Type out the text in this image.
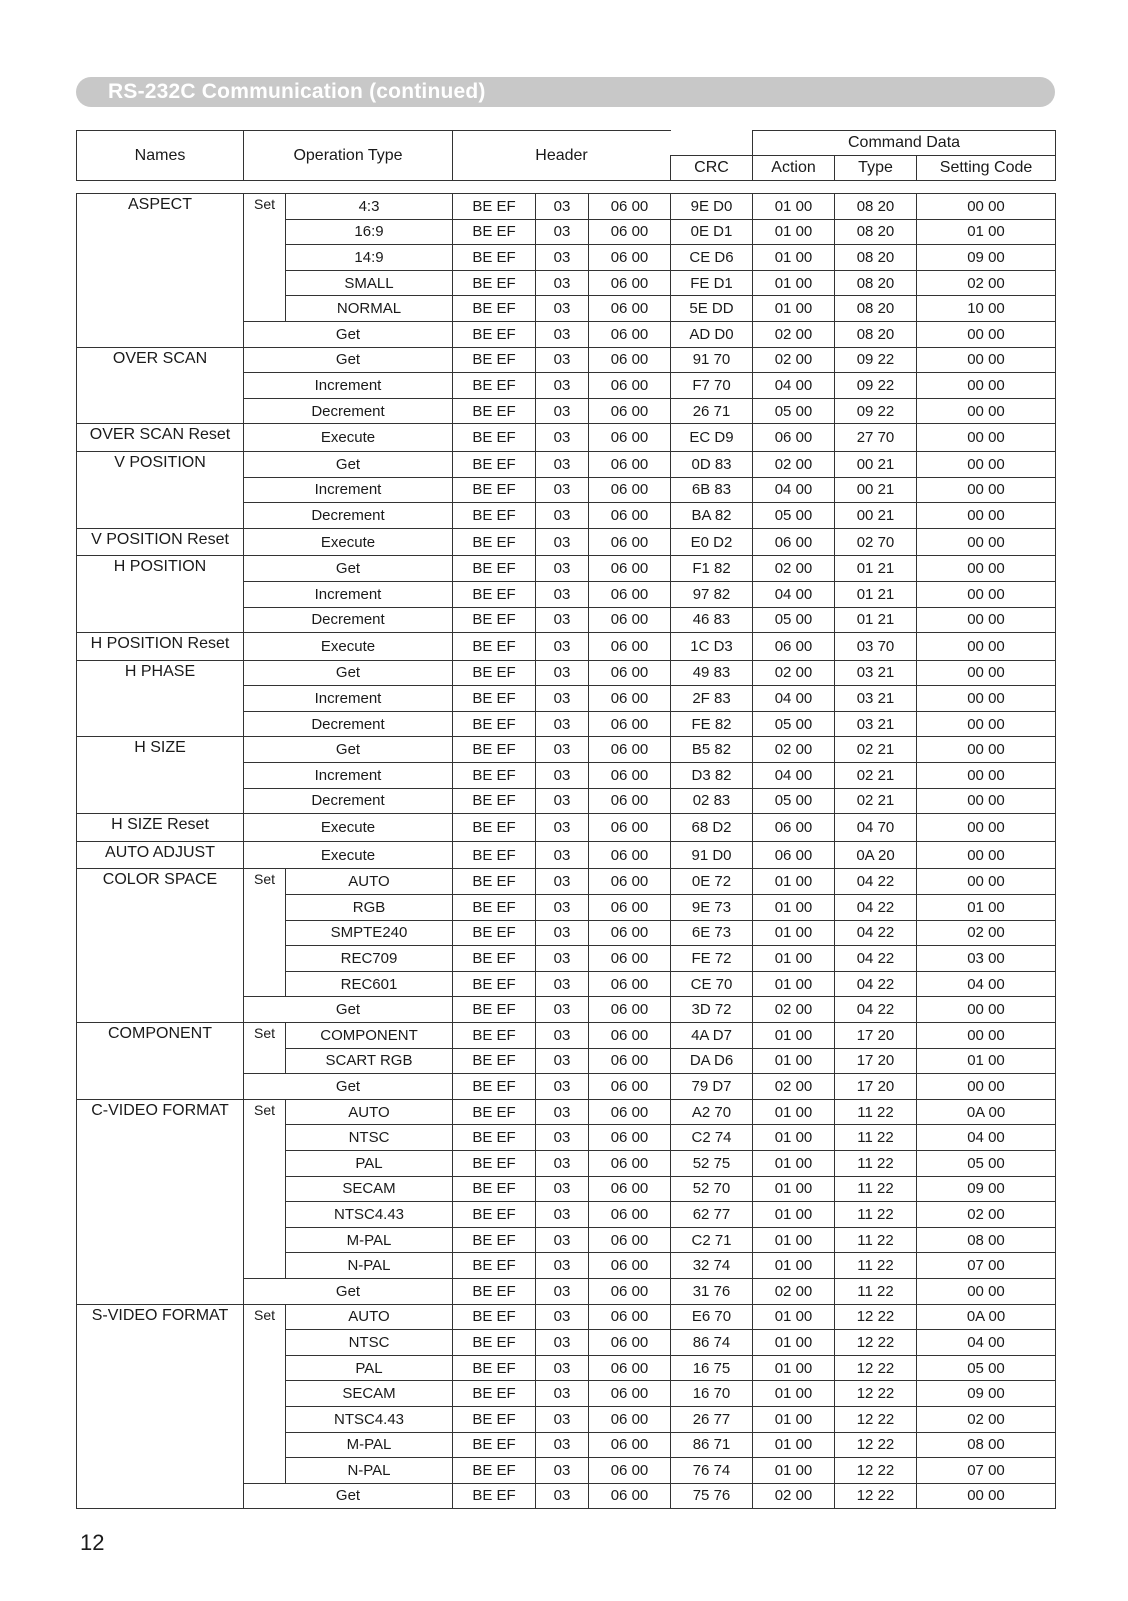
RS-232C Communication (continued)
Names	Operation Type	Header		Command Data		
			CRC	Action	Type	Setting Code
ASPECT	Set	4:3	BE EF	03	06 00	9E D0	01 00	08 20	00 00
		16:9	BE EF	03	06 00	0E D1	01 00	08 20	01 00
		14:9	BE EF	03	06 00	CE D6	01 00	08 20	09 00
		SMALL	BE EF	03	06 00	FE D1	01 00	08 20	02 00
		NORMAL	BE EF	03	06 00	5E DD	01 00	08 20	10 00
	Get		BE EF	03	06 00	AD D0	02 00	08 20	00 00
OVER SCAN	Get		BE EF	03	06 00	91 70	02 00	09 22	00 00
	Increment		BE EF	03	06 00	F7 70	04 00	09 22	00 00
	Decrement		BE EF	03	06 00	26 71	05 00	09 22	00 00
OVER SCAN Reset	Execute		BE EF	03	06 00	EC D9	06 00	27 70	00 00
V POSITION	Get		BE EF	03	06 00	0D 83	02 00	00 21	00 00
	Increment		BE EF	03	06 00	6B 83	04 00	00 21	00 00
	Decrement		BE EF	03	06 00	BA 82	05 00	00 21	00 00
V POSITION Reset	Execute		BE EF	03	06 00	E0 D2	06 00	02 70	00 00
H POSITION	Get		BE EF	03	06 00	F1 82	02 00	01 21	00 00
	Increment		BE EF	03	06 00	97 82	04 00	01 21	00 00
	Decrement		BE EF	03	06 00	46 83	05 00	01 21	00 00
H POSITION Reset	Execute		BE EF	03	06 00	1C D3	06 00	03 70	00 00
H PHASE	Get		BE EF	03	06 00	49 83	02 00	03 21	00 00
	Increment		BE EF	03	06 00	2F 83	04 00	03 21	00 00
	Decrement		BE EF	03	06 00	FE 82	05 00	03 21	00 00
H SIZE	Get		BE EF	03	06 00	B5 82	02 00	02 21	00 00
	Increment		BE EF	03	06 00	D3 82	04 00	02 21	00 00
	Decrement		BE EF	03	06 00	02 83	05 00	02 21	00 00
H SIZE Reset	Execute		BE EF	03	06 00	68 D2	06 00	04 70	00 00
AUTO ADJUST	Execute		BE EF	03	06 00	91 D0	06 00	0A 20	00 00
COLOR SPACE	Set	AUTO	BE EF	03	06 00	0E 72	01 00	04 22	00 00
		RGB	BE EF	03	06 00	9E 73	01 00	04 22	01 00
		SMPTE240	BE EF	03	06 00	6E 73	01 00	04 22	02 00
		REC709	BE EF	03	06 00	FE 72	01 00	04 22	03 00
		REC601	BE EF	03	06 00	CE 70	01 00	04 22	04 00
	Get		BE EF	03	06 00	3D 72	02 00	04 22	00 00
COMPONENT	Set	COMPONENT	BE EF	03	06 00	4A D7	01 00	17 20	00 00
		SCART RGB	BE EF	03	06 00	DA D6	01 00	17 20	01 00
	Get		BE EF	03	06 00	79 D7	02 00	17 20	00 00
C-VIDEO FORMAT	Set	AUTO	BE EF	03	06 00	A2 70	01 00	11 22	0A 00
		NTSC	BE EF	03	06 00	C2 74	01 00	11 22	04 00
		PAL	BE EF	03	06 00	52 75	01 00	11 22	05 00
		SECAM	BE EF	03	06 00	52 70	01 00	11 22	09 00
		NTSC4.43	BE EF	03	06 00	62 77	01 00	11 22	02 00
		M-PAL	BE EF	03	06 00	C2 71	01 00	11 22	08 00
		N-PAL	BE EF	03	06 00	32 74	01 00	11 22	07 00
	Get		BE EF	03	06 00	31 76	02 00	11 22	00 00
S-VIDEO FORMAT	Set	AUTO	BE EF	03	06 00	E6 70	01 00	12 22	0A 00
		NTSC	BE EF	03	06 00	86 74	01 00	12 22	04 00
		PAL	BE EF	03	06 00	16 75	01 00	12 22	05 00
		SECAM	BE EF	03	06 00	16 70	01 00	12 22	09 00
		NTSC4.43	BE EF	03	06 00	26 77	01 00	12 22	02 00
		M-PAL	BE EF	03	06 00	86 71	01 00	12 22	08 00
		N-PAL	BE EF	03	06 00	76 74	01 00	12 22	07 00
	Get		BE EF	03	06 00	75 76	02 00	12 22	00 00
12
